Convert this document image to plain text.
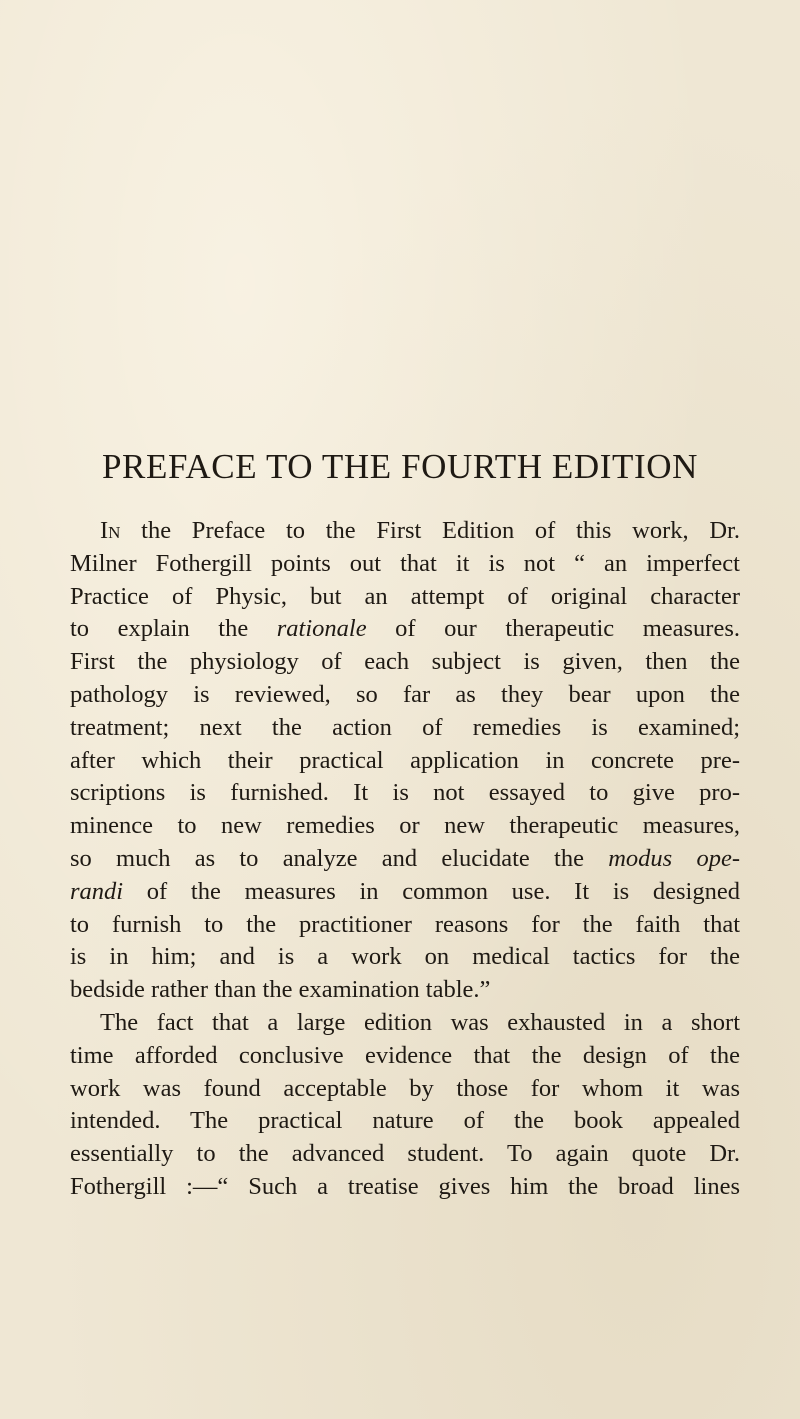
PREFACE TO THE FOURTH EDITION
In the Preface to the First Edition of this work, Dr.
Milner Fothergill points out that it is not “ an imperfect
Practice of Physic, but an attempt of original character
to explain the rationale of our therapeutic measures.
First the physiology of each subject is given, then the
pathology is reviewed, so far as they bear upon the
treatment; next the action of remedies is examined;
after which their practical application in concrete pre-
scriptions is furnished. It is not essayed to give pro-
minence to new remedies or new therapeutic measures,
so much as to analyze and elucidate the modus ope-
randi of the measures in common use. It is designed
to furnish to the practitioner reasons for the faith that
is in him; and is a work on medical tactics for the
bedside rather than the examination table.”
The fact that a large edition was exhausted in a short
time afforded conclusive evidence that the design of the
work was found acceptable by those for whom it was
intended. The practical nature of the book appealed
essentially to the advanced student. To again quote Dr.
Fothergill :—“ Such a treatise gives him the broad lines
